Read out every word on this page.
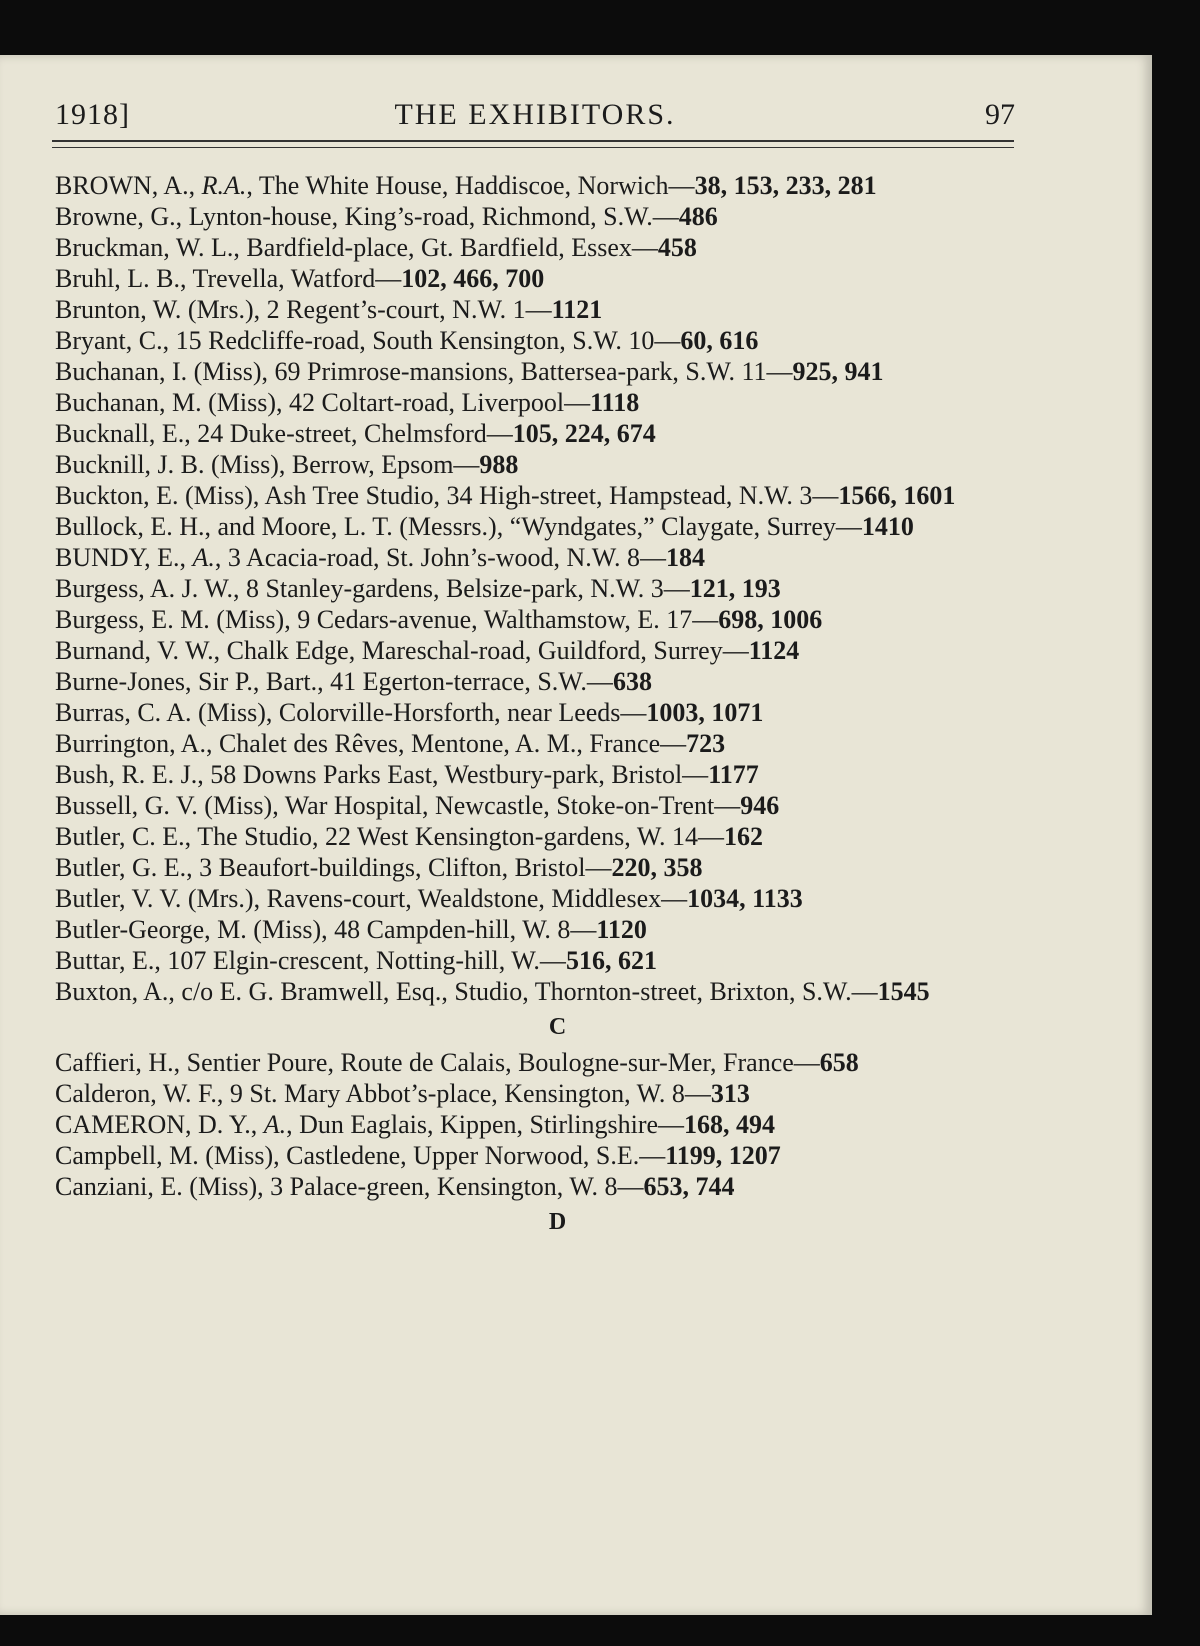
1918]	THE EXHIBITORS.	97
BROWN, A., R.A., The White House, Haddiscoe, Norwich—38, 153, 233, 281
Browne, G., Lynton-house, King’s-road, Richmond, S.W.—486
Bruckman, W. L., Bardfield-place, Gt. Bardfield, Essex—458
Bruhl, L. B., Trevella, Watford—102, 466, 700
Brunton, W. (Mrs.), 2 Regent’s-court, N.W. 1—1121
Bryant, C., 15 Redcliffe-road, South Kensington, S.W. 10—60, 616
Buchanan, I. (Miss), 69 Primrose-mansions, Battersea-park, S.W. 11—925, 941
Buchanan, M. (Miss), 42 Coltart-road, Liverpool—1118
Bucknall, E., 24 Duke-street, Chelmsford—105, 224, 674
Bucknill, J. B. (Miss), Berrow, Epsom—988
Buckton, E. (Miss), Ash Tree Studio, 34 High-street, Hampstead, N.W. 3—1566, 1601
Bullock, E. H., and Moore, L. T. (Messrs.), “Wyndgates,” Claygate, Surrey—1410
BUNDY, E., A., 3 Acacia-road, St. John’s-wood, N.W. 8—184
Burgess, A. J. W., 8 Stanley-gardens, Belsize-park, N.W. 3—121, 193
Burgess, E. M. (Miss), 9 Cedars-avenue, Walthamstow, E. 17—698, 1006
Burnand, V. W., Chalk Edge, Mareschal-road, Guildford, Surrey—1124
Burne-Jones, Sir P., Bart., 41 Egerton-terrace, S.W.—638
Burras, C. A. (Miss), Colorville-Horsforth, near Leeds—1003, 1071
Burrington, A., Chalet des Rêves, Mentone, A. M., France—723
Bush, R. E. J., 58 Downs Parks East, Westbury-park, Bristol—1177
Bussell, G. V. (Miss), War Hospital, Newcastle, Stoke-on-Trent—946
Butler, C. E., The Studio, 22 West Kensington-gardens, W. 14—162
Butler, G. E., 3 Beaufort-buildings, Clifton, Bristol—220, 358
Butler, V. V. (Mrs.), Ravens-court, Wealdstone, Middlesex—1034, 1133
Butler-George, M. (Miss), 48 Campden-hill, W. 8—1120
Buttar, E., 107 Elgin-crescent, Notting-hill, W.—516, 621
Buxton, A., c/o E. G. Bramwell, Esq., Studio, Thornton-street, Brixton, S.W.—1545
C
Caffieri, H., Sentier Poure, Route de Calais, Boulogne-sur-Mer, France—658
Calderon, W. F., 9 St. Mary Abbot’s-place, Kensington, W. 8—313
CAMERON, D. Y., A., Dun Eaglais, Kippen, Stirlingshire—168, 494
Campbell, M. (Miss), Castledene, Upper Norwood, S.E.—1199, 1207
Canziani, E. (Miss), 3 Palace-green, Kensington, W. 8—653, 744
D
